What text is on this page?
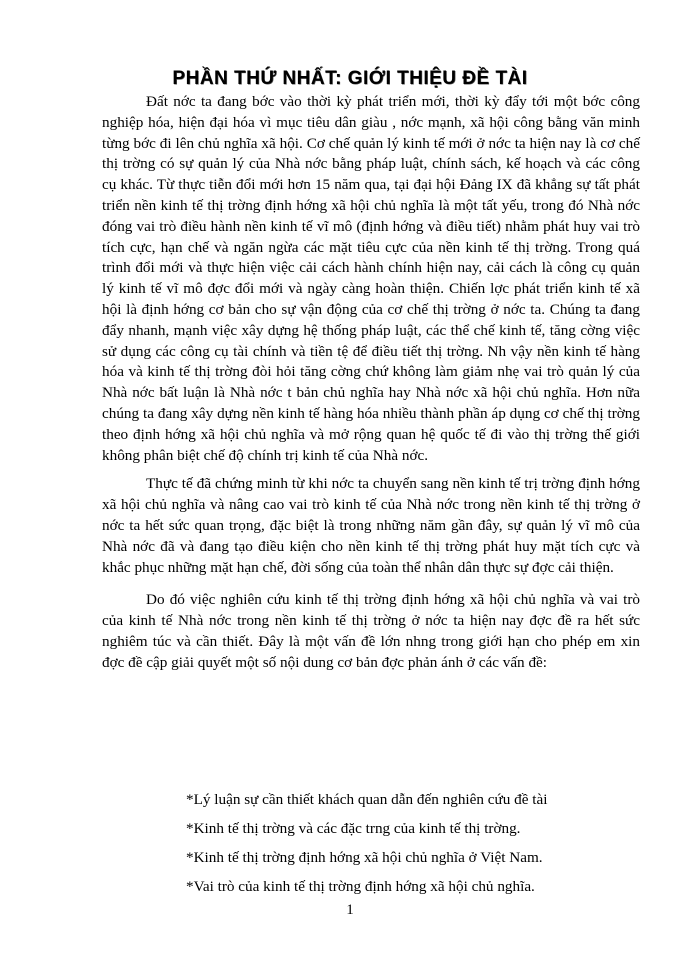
PHẦN THỨ NHẤT: GIỚI THIỆU ĐỀ TÀI

Đất nớc ta đang bớc vào thời kỳ phát triển mới, thời kỳ đẩy tới một bớc công nghiệp hóa, hiện đại hóa vì mục tiêu dân giàu , nớc mạnh, xã hội công bằng văn minh từng bớc đi lên chủ nghĩa xã hội. Cơ chế quản lý kinh tế mới ở nớc ta hiện nay là cơ chế thị trờng có sự quản lý của Nhà nớc bằng pháp luật, chính sách, kế hoạch và các công cụ khác. Từ thực tiễn đổi mới hơn 15 năm qua, tại đại hội Đảng IX đã khẳng sự tất phát triển nền kinh tế thị trờng định hớng xã hội chủ nghĩa là một tất yếu, trong đó Nhà nớc đóng vai trò điều hành nền kinh tế vĩ mô (định hớng và điều tiết) nhằm phát huy vai trò tích cực, hạn chế và ngăn ngừa các mặt tiêu cực của nền kinh tế thị trờng. Trong quá trình đổi mới và thực hiện việc cải cách hành chính hiện nay, cải cách là công cụ quản lý kinh tế vĩ mô đợc đổi mới và ngày càng hoàn thiện. Chiến lợc phát triển kinh tế xã hội là định hớng cơ bản cho sự vận động của cơ chế thị trờng ở nớc ta. Chúng ta đang đẩy nhanh, mạnh việc xây dựng hệ thống pháp luật, các thể chế kinh tế, tăng cờng việc sử dụng các công cụ tài chính và tiền tệ để điều tiết thị trờng. Nh vậy nền kinh tế hàng hóa và kinh tế thị trờng đòi hỏi tăng cờng chứ không làm giảm nhẹ vai trò quản lý của Nhà nớc bất luận là Nhà nớc t bản chủ nghĩa hay Nhà nớc xã hội chủ nghĩa. Hơn nữa chúng ta đang xây dựng nền kinh tế hàng hóa nhiều thành phần áp dụng cơ chế thị trờng theo định hớng xã hội chủ nghĩa và mở rộng quan hệ quốc tế đi vào thị trờng thế giới không phân biệt chế độ chính trị kinh tế của Nhà nớc.

Thực tế đã chứng minh từ khi nớc ta chuyển sang nền kinh tế trị trờng định hớng xã hội chủ nghĩa và nâng cao vai trò kinh tế của Nhà nớc trong nền kinh tế thị trờng ở nớc ta hết sức quan trọng, đặc biệt là trong những năm gần đây, sự quản lý vĩ mô của Nhà nớc đã và đang tạo điều kiện cho nền kinh tế thị trờng phát huy mặt tích cực và khắc phục những mặt hạn chế, đời sống của toàn thể nhân dân thực sự đợc cải thiện.

Do đó việc nghiên cứu kinh tế thị trờng định hớng xã hội chủ nghĩa và vai trò của kinh tế Nhà nớc trong nền kinh tế thị trờng ở nớc ta hiện nay đợc đề ra hết sức nghiêm túc và cần thiết. Đây là một vấn đề lớn nhng trong giới hạn cho phép em xin đợc đề cập giải quyết một số nội dung cơ bản đợc phản ánh ở các vấn đề:

*Lý luận sự cần thiết khách quan dẫn đến nghiên cứu đề tài
*Kinh tế thị trờng và các đặc trng của kinh tế thị trờng.
*Kinh tế thị trờng định hớng xã hội chủ nghĩa ở Việt Nam.
*Vai trò của kinh tế thị trờng định hớng xã hội chủ nghĩa.
1
